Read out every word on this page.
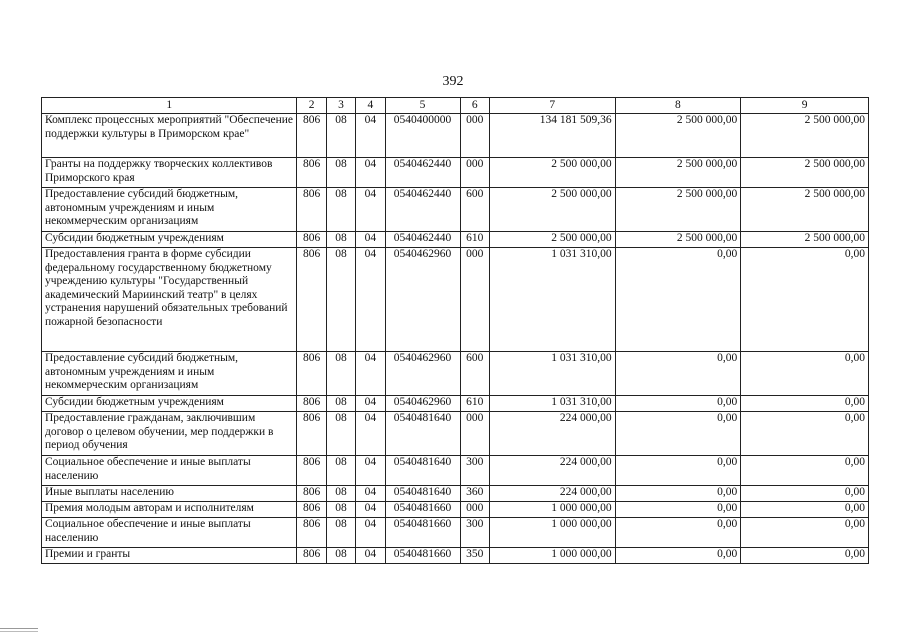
392
1	2	3	4	5	6	7	8	9
Комплекс процессных мероприятий "Обеспечение поддержки культуры в Приморском крае"	806	08	04	0540400000	000	134 181 509,36	2 500 000,00	2 500 000,00
Гранты на поддержку творческих коллективов Приморского края	806	08	04	0540462440	000	2 500 000,00	2 500 000,00	2 500 000,00
Предоставление субсидий бюджетным, автономным учреждениям и иным некоммерческим организациям	806	08	04	0540462440	600	2 500 000,00	2 500 000,00	2 500 000,00
Субсидии бюджетным учреждениям	806	08	04	0540462440	610	2 500 000,00	2 500 000,00	2 500 000,00
Предоставления гранта в форме субсидии федеральному государственному бюджетному учреждению культуры "Государственный академический Мариинский театр" в целях устранения нарушений обязательных требований пожарной безопасности	806	08	04	0540462960	000	1 031 310,00	0,00	0,00
Предоставление субсидий бюджетным, автономным учреждениям и иным некоммерческим организациям	806	08	04	0540462960	600	1 031 310,00	0,00	0,00
Субсидии бюджетным учреждениям	806	08	04	0540462960	610	1 031 310,00	0,00	0,00
Предоставление гражданам, заключившим договор о целевом обучении, мер поддержки в период обучения	806	08	04	0540481640	000	224 000,00	0,00	0,00
Социальное обеспечение и иные выплаты населению	806	08	04	0540481640	300	224 000,00	0,00	0,00
Иные выплаты населению	806	08	04	0540481640	360	224 000,00	0,00	0,00
Премия молодым авторам и исполнителям	806	08	04	0540481660	000	1 000 000,00	0,00	0,00
Социальное обеспечение и иные выплаты населению	806	08	04	0540481660	300	1 000 000,00	0,00	0,00
Премии и гранты	806	08	04	0540481660	350	1 000 000,00	0,00	0,00
